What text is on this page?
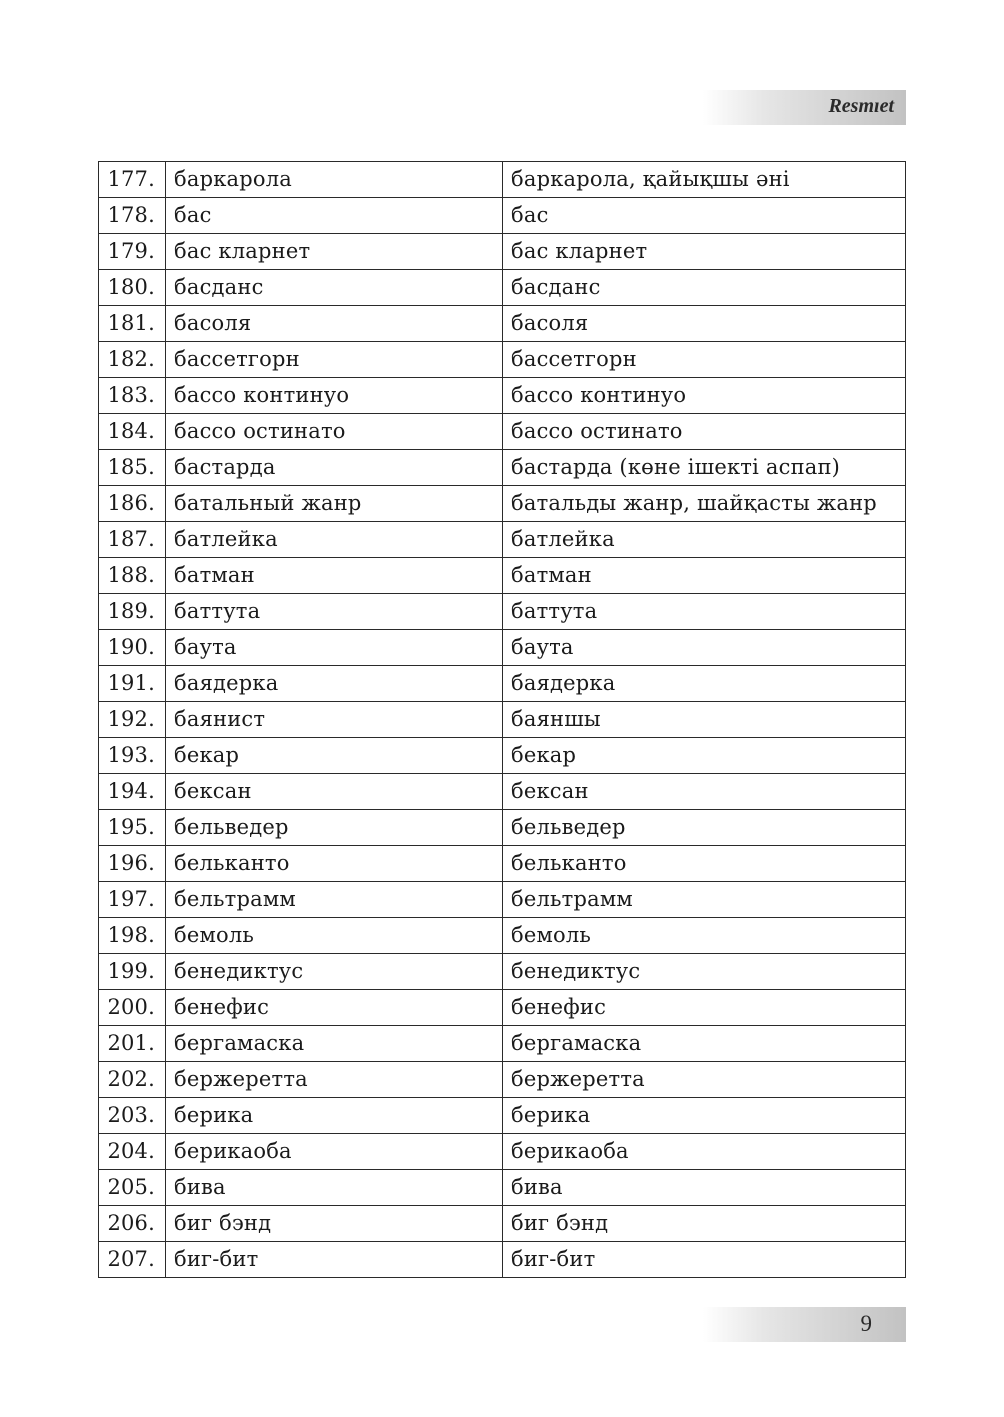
Resmıet
177.	баркарола	баркарола, қайықшы әні
178.	бас	бас
179.	бас кларнет	бас кларнет
180.	басданс	басданс
181.	басоля	басоля
182.	бассетгорн	бассетгорн
183.	бассо континуо	бассо континуо
184.	бассо остинато	бассо остинато
185.	бастарда	бастарда (көне ішекті аспап)
186.	батальный жанр	батальды жанр, шайқасты жанр
187.	батлейка	батлейка
188.	батман	батман
189.	баттута	баттута
190.	баута	баута
191.	баядерка	баядерка
192.	баянист	баяншы
193.	бекар	бекар
194.	бексан	бексан
195.	бельведер	бельведер
196.	бельканто	бельканто
197.	бельтрамм	бельтрамм
198.	бемоль	бемоль
199.	бенедиктус	бенедиктус
200.	бенефис	бенефис
201.	бергамаска	бергамаска
202.	бержеретта	бержеретта
203.	берика	берика
204.	берикаоба	берикаоба
205.	бива	бива
206.	биг бэнд	биг бэнд
207.	биг-бит	биг-бит
9
